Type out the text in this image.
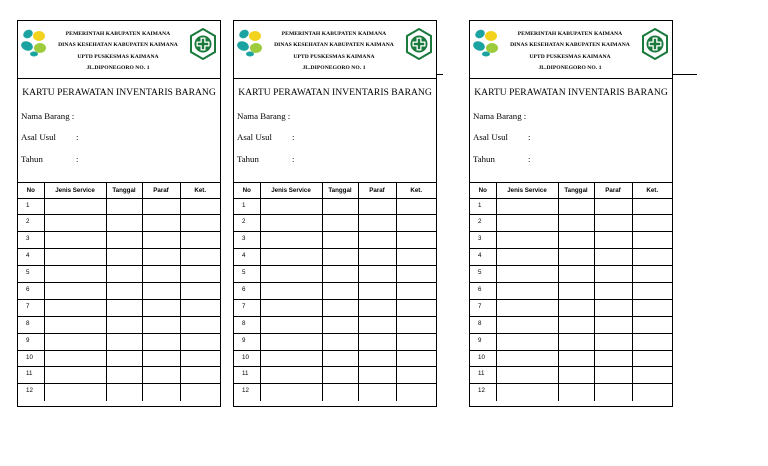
PEMERINTAH KABUPATEN KAIMANA
DINAS KESEHATAN KABUPATEN KAIMANA
UPTD PUSKESMAS KAIMANA
JL.DIPONEGORO NO. 1
KARTU PERAWATAN INVENTARIS BARANG
Nama Barang :
Asal Usul :
Tahun	:
No	Jenis Service	Tanggal	Paraf	Ket.
1				
2				
3				
4				
5				
6				
7				
8				
9				
10				
11				
12				
PEMERINTAH KABUPATEN KAIMANA
DINAS KESEHATAN KABUPATEN KAIMANA
UPTD PUSKESMAS KAIMANA
JL.DIPONEGORO NO. 1
KARTU PERAWATAN INVENTARIS BARANG
Nama Barang :
Asal Usul :
Tahun	:
No	Jenis Service	Tanggal	Paraf	Ket.
1				
2				
3				
4				
5				
6				
7				
8				
9				
10				
11				
12				
PEMERINTAH KABUPATEN KAIMANA
DINAS KESEHATAN KABUPATEN KAIMANA
UPTD PUSKESMAS KAIMANA
JL.DIPONEGORO NO. 1
KARTU PERAWATAN INVENTARIS BARANG
Nama Barang :
Asal Usul :
Tahun	:
No	Jenis Service	Tanggal	Paraf	Ket.
1				
2				
3				
4				
5				
6				
7				
8				
9				
10				
11				
12				
